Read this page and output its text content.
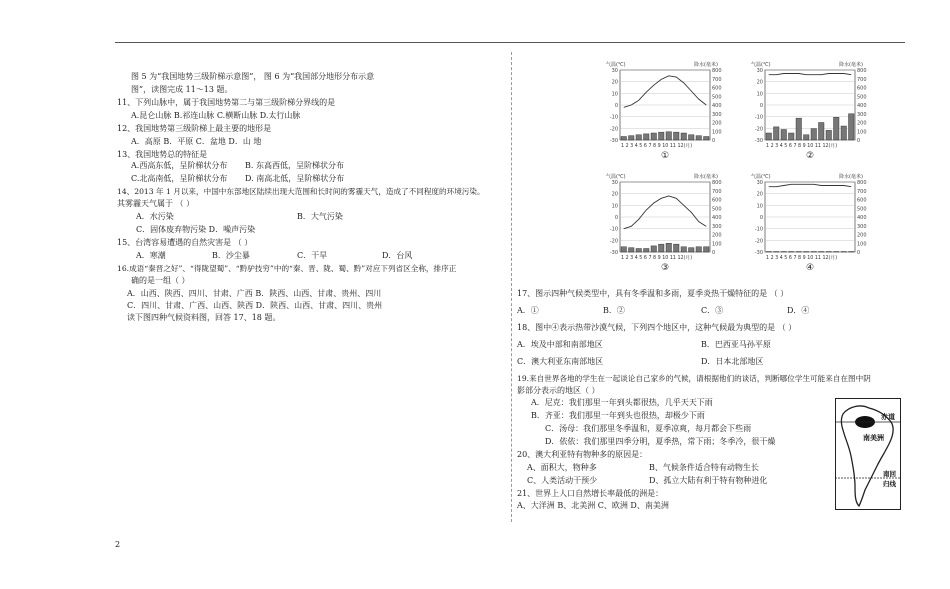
图 5 为“我国地势三级阶梯示意图”， 图 6 为“我国部分地形分布示意
图”，读图完成 11～13 题。
11、下列山脉中，属于我国地势第二与第三级阶梯分界线的是
A.昆仑山脉 B.祁连山脉 C.横断山脉 D.太行山脉
12、我国地势第三级阶梯上最主要的地形是
A．高原 B．平原 C．盆地 D．山 地
13、我国地势总的特征是
A.西高东低，呈阶梯状分布 B. 东高西低，呈阶梯状分布
C.北高南低，呈阶梯状分布 D. 南高北低，呈阶梯状分布
14、2013 年 1 月以来，中国中东部地区陆续出现大范围和长时间的雾霾天气，造成了不同程度的环境污染。
其雾霾天气属于 （ ）
A．水污染	B．大气污染
C．固体废弃物污染 D．噪声污染
15、台湾容易遭遇的自然灾害是 （ ）
A．寒潮	B．沙尘暴	C．干旱	D．台风
16.成语“秦晋之好”、“得陇望蜀”、“黔驴技穷”中的“秦、晋、陇、蜀、黔”对应下列省区全称，排序正
确的是一组（ ）
A．山西、陕西、四川、甘肃、广西 B．陕西、山西、甘肃、贵州、四川
C．四川、甘肃、广西、山西、陕西 D．陕西、山西、甘肃、四川、贵州
读下图四种气候资料图，回答 17、18 题。
30
20
10
0
-10
-20
-30
800
700
600
500
400
300
200
100
0
气温(℃)	降水(毫米)
1 2 3 4 5 6 7 8 9 10 11 12(月)
①
30
20
10
0
-10
-20
-30
800
700
600
500
400
300
200
100
0
气温(℃)	降水(毫米)
1 2 3 4 5 6 7 8 9 10 11 12(月)
②
30
20
10
0
-10
-20
-30
800
700
600
500
400
300
200
100
0
气温(℃)	降水(毫米)
1 2 3 4 5 6 7 8 9 10 11 12(月)
③
30
20
10
0
-10
-20
-30
800
700
600
500
400
300
200
100
0
气温(℃)	降水(毫米)
1 2 3 4 5 6 7 8 9 10 11 12(月)
④
17、图示四种气候类型中，具有冬季温和多雨，夏季炎热干燥特征的是 （ ）
A．①	B．②	C．③	D．④
18、图中④表示热带沙漠气候，下列四个地区中，这种气候最为典型的是 （ ）
A．埃及中部和南部地区	B．巴西亚马孙平原
C．澳大利亚东南部地区	D．日本北部地区
19.来自世界各地的学生在一起谈论自己家乡的气候，请根据他们的谈话，判断哪位学生可能来自在图中阴
影部分表示的地区（ ）
A．尼克：我们那里一年到头都很热，几乎天天下雨
B．齐亚：我们那里一年到头也很热，却极少下雨
C．汤母：我们那里冬季温和，夏季凉爽，每月都会下些雨
D．依依：我们那里四季分明，夏季热，常下雨；冬季冷，很干燥
20、澳大利亚特有物种多的原因是：
A、面积大，物种多	B、气候条件适合特有动物生长
C、人类活动干预少	D、孤立大陆有利于特有物种进化
21、世界上人口自然增长率最低的洲是：
A、大洋洲 B、北美洲 C、欧洲 D、南美洲
赤道
南美洲
南回
归线
2
